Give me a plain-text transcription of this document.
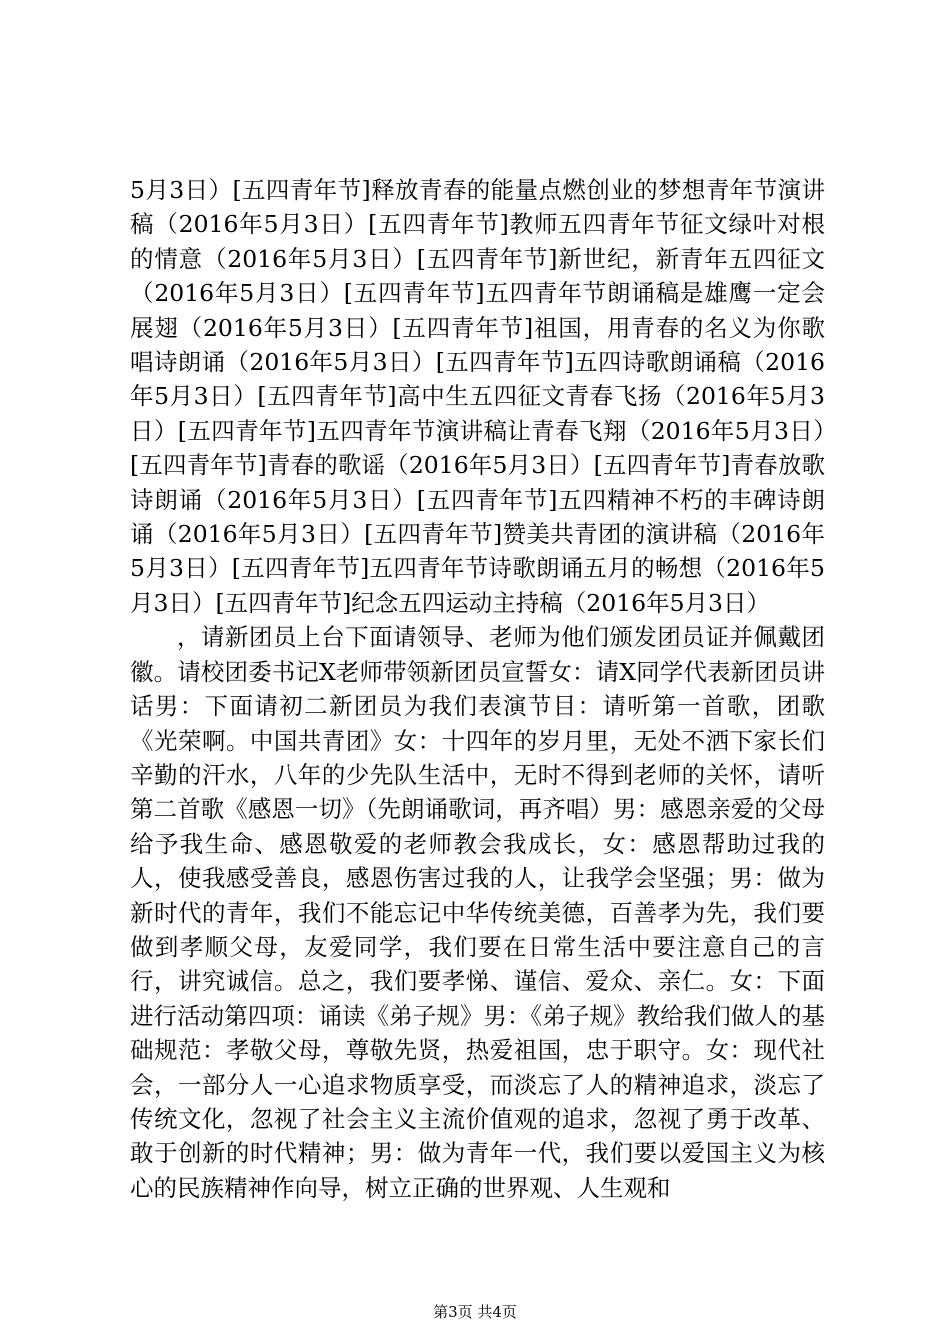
5月3日）[五四青年节]释放青春的能量点燃创业的梦想青年节演讲稿（2016年5月3日）[五四青年节]教师五四青年节征文绿叶对根的情意（2016年5月3日）[五四青年节]新世纪，新青年五四征文（2016年5月3日）[五四青年节]五四青年节朗诵稿是雄鹰一定会展翅（2016年5月3日）[五四青年节]祖国，用青春的名义为你歌唱诗朗诵（2016年5月3日）[五四青年节]五四诗歌朗诵稿（2016年5月3日）[五四青年节]高中生五四征文青春飞扬（2016年5月3日）[五四青年节]五四青年节演讲稿让青春飞翔（2016年5月3日）[五四青年节]青春的歌谣（2016年5月3日）[五四青年节]青春放歌诗朗诵（2016年5月3日）[五四青年节]五四精神不朽的丰碑诗朗诵（2016年5月3日）[五四青年节]赞美共青团的演讲稿（2016年5月3日）[五四青年节]五四青年节诗歌朗诵五月的畅想（2016年5月3日）[五四青年节]纪念五四运动主持稿（2016年5月3日）

，请新团员上台下面请领导、老师为他们颁发团员证并佩戴团徽。请校团委书记X老师带领新团员宣誓女：请X同学代表新团员讲话男：下面请初二新团员为我们表演节目：请听第一首歌，团歌《光荣啊。中国共青团》女：十四年的岁月里，无处不洒下家长们辛勤的汗水，八年的少先队生活中，无时不得到老师的关怀，请听第二首歌《感恩一切》（先朗诵歌词，再齐唱）男：感恩亲爱的父母给予我生命、感恩敬爱的老师教会我成长，女：感恩帮助过我的人，使我感受善良，感恩伤害过我的人，让我学会坚强；男：做为新时代的青年，我们不能忘记中华传统美德，百善孝为先，我们要做到孝顺父母，友爱同学，我们要在日常生活中要注意自己的言行，讲究诚信。总之，我们要孝悌、谨信、爱众、亲仁。女：下面进行活动第四项：诵读《弟子规》男：《弟子规》教给我们做人的基础规范：孝敬父母，尊敬先贤，热爱祖国，忠于职守。女：现代社会，一部分人一心追求物质享受，而淡忘了人的精神追求，淡忘了传统文化，忽视了社会主义主流价值观的追求，忽视了勇于改革、敢于创新的时代精神；男：做为青年一代，我们要以爱国主义为核心的民族精神作向导，树立正确的世界观、人生观和

第3页 共4页
